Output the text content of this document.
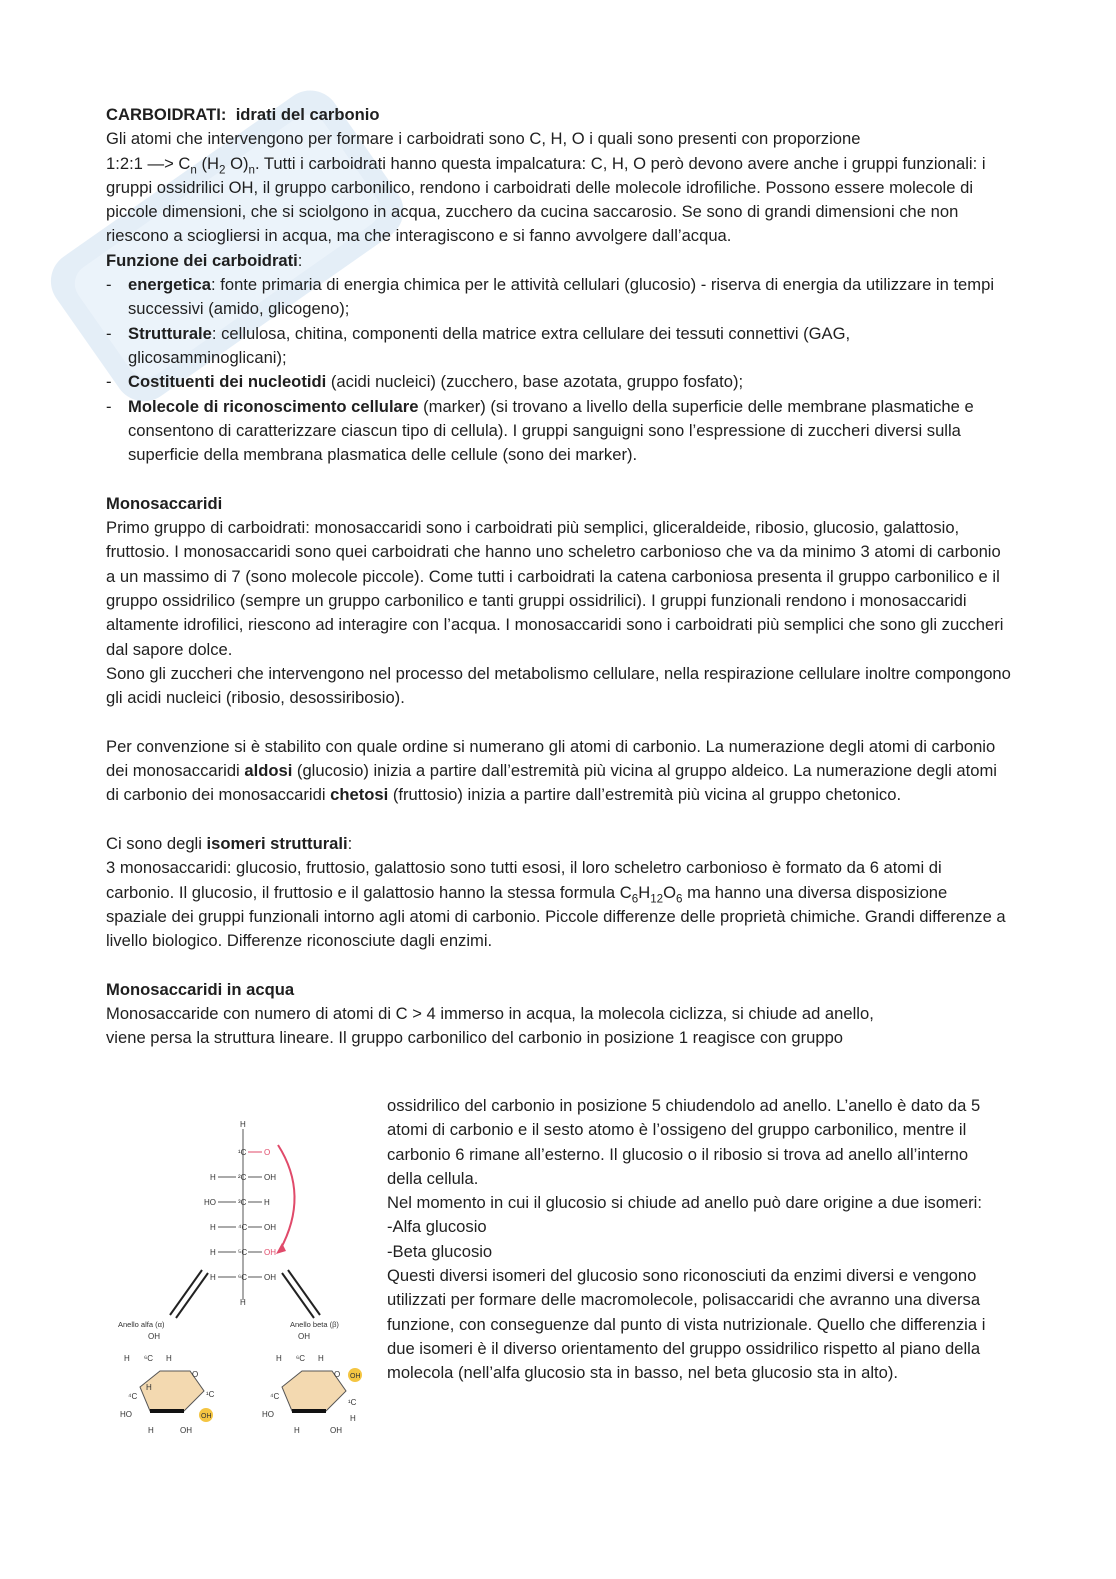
CARBOIDRATI: idrati del carbonio

Gli atomi che intervengono per formare i carboidrati sono C, H, O i quali sono presenti con proporzione
1:2:1 —> $C_n$ ($H_2$ $O)_n$. Tutti i carboidrati hanno questa impalcatura: C, H, O però devono avere anche i gruppi funzionali: i gruppi ossidrilici OH, il gruppo carbonilico, rendono i carboidrati delle molecole idrofiliche. Possono essere molecole di piccole dimensioni, che si sciolgono in acqua, zucchero da cucina saccarosio. Se sono di grandi dimensioni che non riescono a sciogliersi in acqua, ma che interagiscono e si fanno avvolgere dall’acqua.

Funzione dei carboidrati:

- energetica: fonte primaria di energia chimica per le attività cellulari (glucosio) - riserva di energia da utilizzare in tempi successivi (amido, glicogeno);
- Strutturale: cellulosa, chitina, componenti della matrice extra cellulare dei tessuti connettivi (GAG, glicosamminoglicani);
- Costituenti dei nucleotidi (acidi nucleici) (zucchero, base azotata, gruppo fosfato);
- Molecole di riconoscimento cellulare (marker) (si trovano a livello della superficie delle membrane plasmatiche e consentono di caratterizzare ciascun tipo di cellula). I gruppi sanguigni sono l’espressione di zuccheri diversi sulla superficie della membrana plasmatica delle cellule (sono dei marker).

Monosaccaridi

Primo gruppo di carboidrati: monosaccaridi sono i carboidrati più semplici, gliceraldeide, ribosio, glucosio, galattosio, fruttosio. I monosaccaridi sono quei carboidrati che hanno uno scheletro carbonioso che va da minimo 3 atomi di carbonio a un massimo di 7 (sono molecole piccole). Come tutti i carboidrati la catena carboniosa presenta il gruppo carbonilico e il gruppo ossidrilico (sempre un gruppo carbonilico e tanti gruppi ossidrilici). I gruppi funzionali rendono i monosaccaridi altamente idrofilici, riescono ad interagire con l’acqua. I monosaccaridi sono i carboidrati più semplici che sono gli zuccheri dal sapore dolce.

Sono gli zuccheri che intervengono nel processo del metabolismo cellulare, nella respirazione cellulare inoltre compongono gli acidi nucleici (ribosio, desossiribosio).

Per convenzione si è stabilito con quale ordine si numerano gli atomi di carbonio. La numerazione degli atomi di carbonio dei monosaccaridi aldosi (glucosio) inizia a partire dall’estremità più vicina al gruppo aldeico. La numerazione degli atomi di carbonio dei monosaccaridi chetosi (fruttosio) inizia a partire dall’estremità più vicina al gruppo chetonico.

Ci sono degli isomeri strutturali:

3 monosaccaridi: glucosio, fruttosio, galattosio sono tutti esosi, il loro scheletro carbonioso è formato da 6 atomi di carbonio. Il glucosio, il fruttosio e il galattosio hanno la stessa formula $C_6H_{12}O_6$ ma hanno una diversa disposizione spaziale dei gruppi funzionali intorno agli atomi di carbonio. Piccole differenze delle proprietà chimiche. Grandi differenze a livello biologico. Differenze riconosciute dagli enzimi.

Monosaccaridi in acqua

Monosaccaride con numero di atomi di C > 4 immerso in acqua, la molecola ciclizza, si chiude ad anello,

viene persa la struttura lineare. Il gruppo carbonilico del carbonio in posizione 1 reagisce con gruppo

ossidrilico del carbonio in posizione 5 chiudendolo ad anello. L’anello è dato da 5 atomi di carbonio e il sesto atomo è l’ossigeno del gruppo carbonilico, mentre il carbonio 6 rimane all’esterno. Il glucosio o il ribosio si trova ad anello all’interno della cellula.

Nel momento in cui il glucosio si chiude ad anello può dare origine a due isomeri:

-Alfa glucosio

-Beta glucosio

Questi diversi isomeri del glucosio sono riconosciuti da enzimi diversi e vengono utilizzati per formare delle macromolecole, polisaccaridi che avranno una diversa funzione, con conseguenze dal punto di vista nutrizionale. Quello che differenzia i due isomeri è il diverso orientamento del gruppo ossidrilico rispetto al piano della molecola (nell’alfa glucosio sta in basso, nel beta glucosio sta in alto).

H
¹C O
H	²C OH
HO	³C H
H	⁴C OH
H	⁵C OH
H	⁶C OH
H
Anello alfa (α)
OH
H ⁶C H
O
⁴C
HO
H
¹C
OH
H	OH
Anello beta (β)
OH
H ⁶C H
O OH
⁴C
HO
¹C
H
H	OH
